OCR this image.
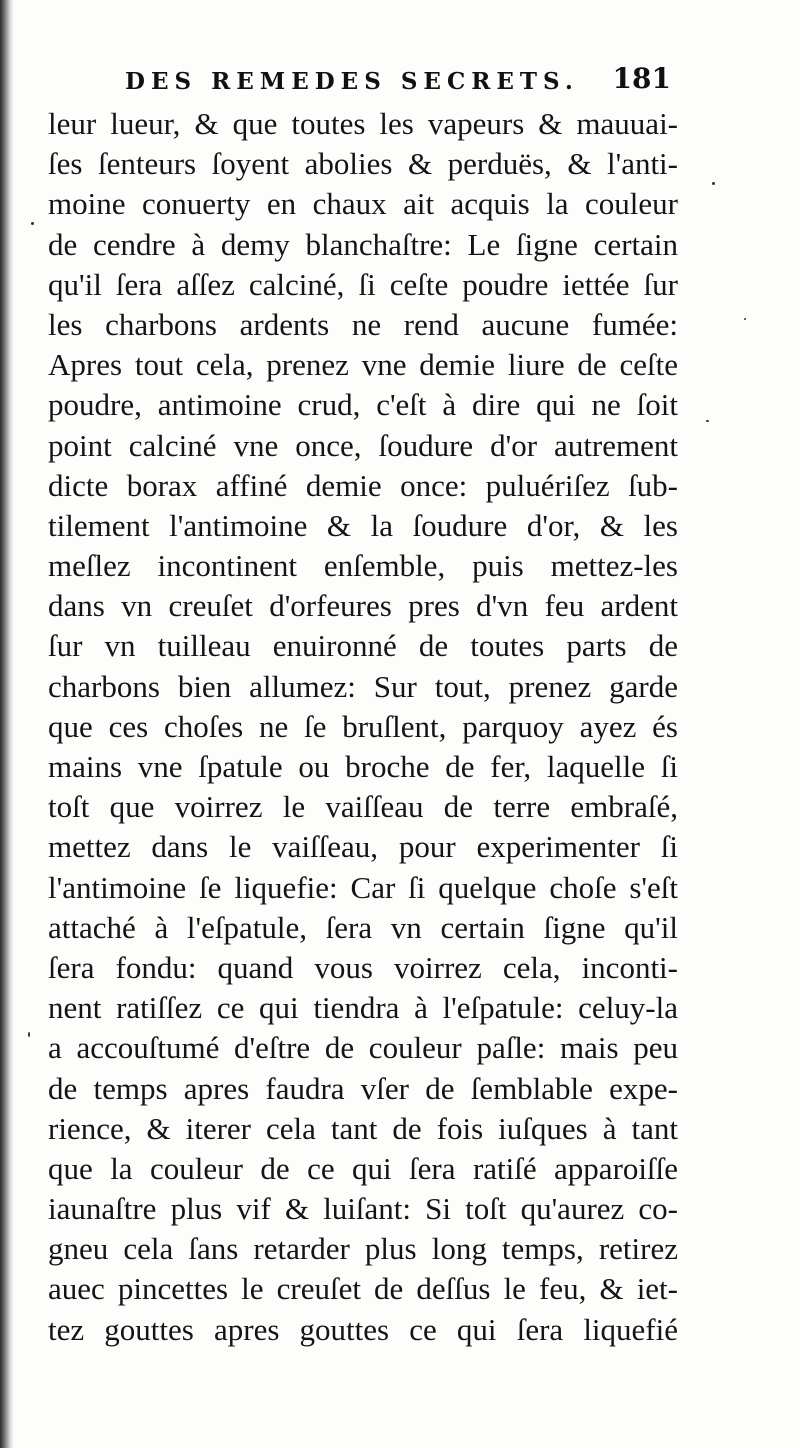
DES REMEDES SECRETS. 181
leur lueur, & que toutes les vapeurs & mauuai-
ſes ſenteurs ſoyent abolies & perduës, & l'anti-
moine conuerty en chaux ait acquis la couleur
de cendre à demy blanchaſtre: Le ſigne certain
qu'il ſera aſſez calciné, ſi ceſte poudre iettée ſur
les charbons ardents ne rend aucune fumée:
Apres tout cela, prenez vne demie liure de ceſte
poudre, antimoine crud, c'eſt à dire qui ne ſoit
point calciné vne once, ſoudure d'or autrement
dicte borax affiné demie once: puluériſez ſub-
tilement l'antimoine & la ſoudure d'or, & les
meſlez incontinent enſemble, puis mettez-les
dans vn creuſet d'orfeures pres d'vn feu ardent
ſur vn tuilleau enuironné de toutes parts de
charbons bien allumez: Sur tout, prenez garde
que ces choſes ne ſe bruſlent, parquoy ayez és
mains vne ſpatule ou broche de fer, laquelle ſi
toſt que voirrez le vaiſſeau de terre embraſé,
mettez dans le vaiſſeau, pour experimenter ſi
l'antimoine ſe liquefie: Car ſi quelque choſe s'eſt
attaché à l'eſpatule, ſera vn certain ſigne qu'il
ſera fondu: quand vous voirrez cela, inconti-
nent ratiſſez ce qui tiendra à l'eſpatule: celuy-la
a accouſtumé d'eſtre de couleur paſle: mais peu
de temps apres faudra vſer de ſemblable expe-
rience, & iterer cela tant de fois iuſques à tant
que la couleur de ce qui ſera ratiſé apparoiſſe
iaunaſtre plus vif & luiſant: Si toſt qu'aurez co-
gneu cela ſans retarder plus long temps, retirez
auec pincettes le creuſet de deſſus le feu, & iet-
tez gouttes apres gouttes ce qui ſera liquefié
